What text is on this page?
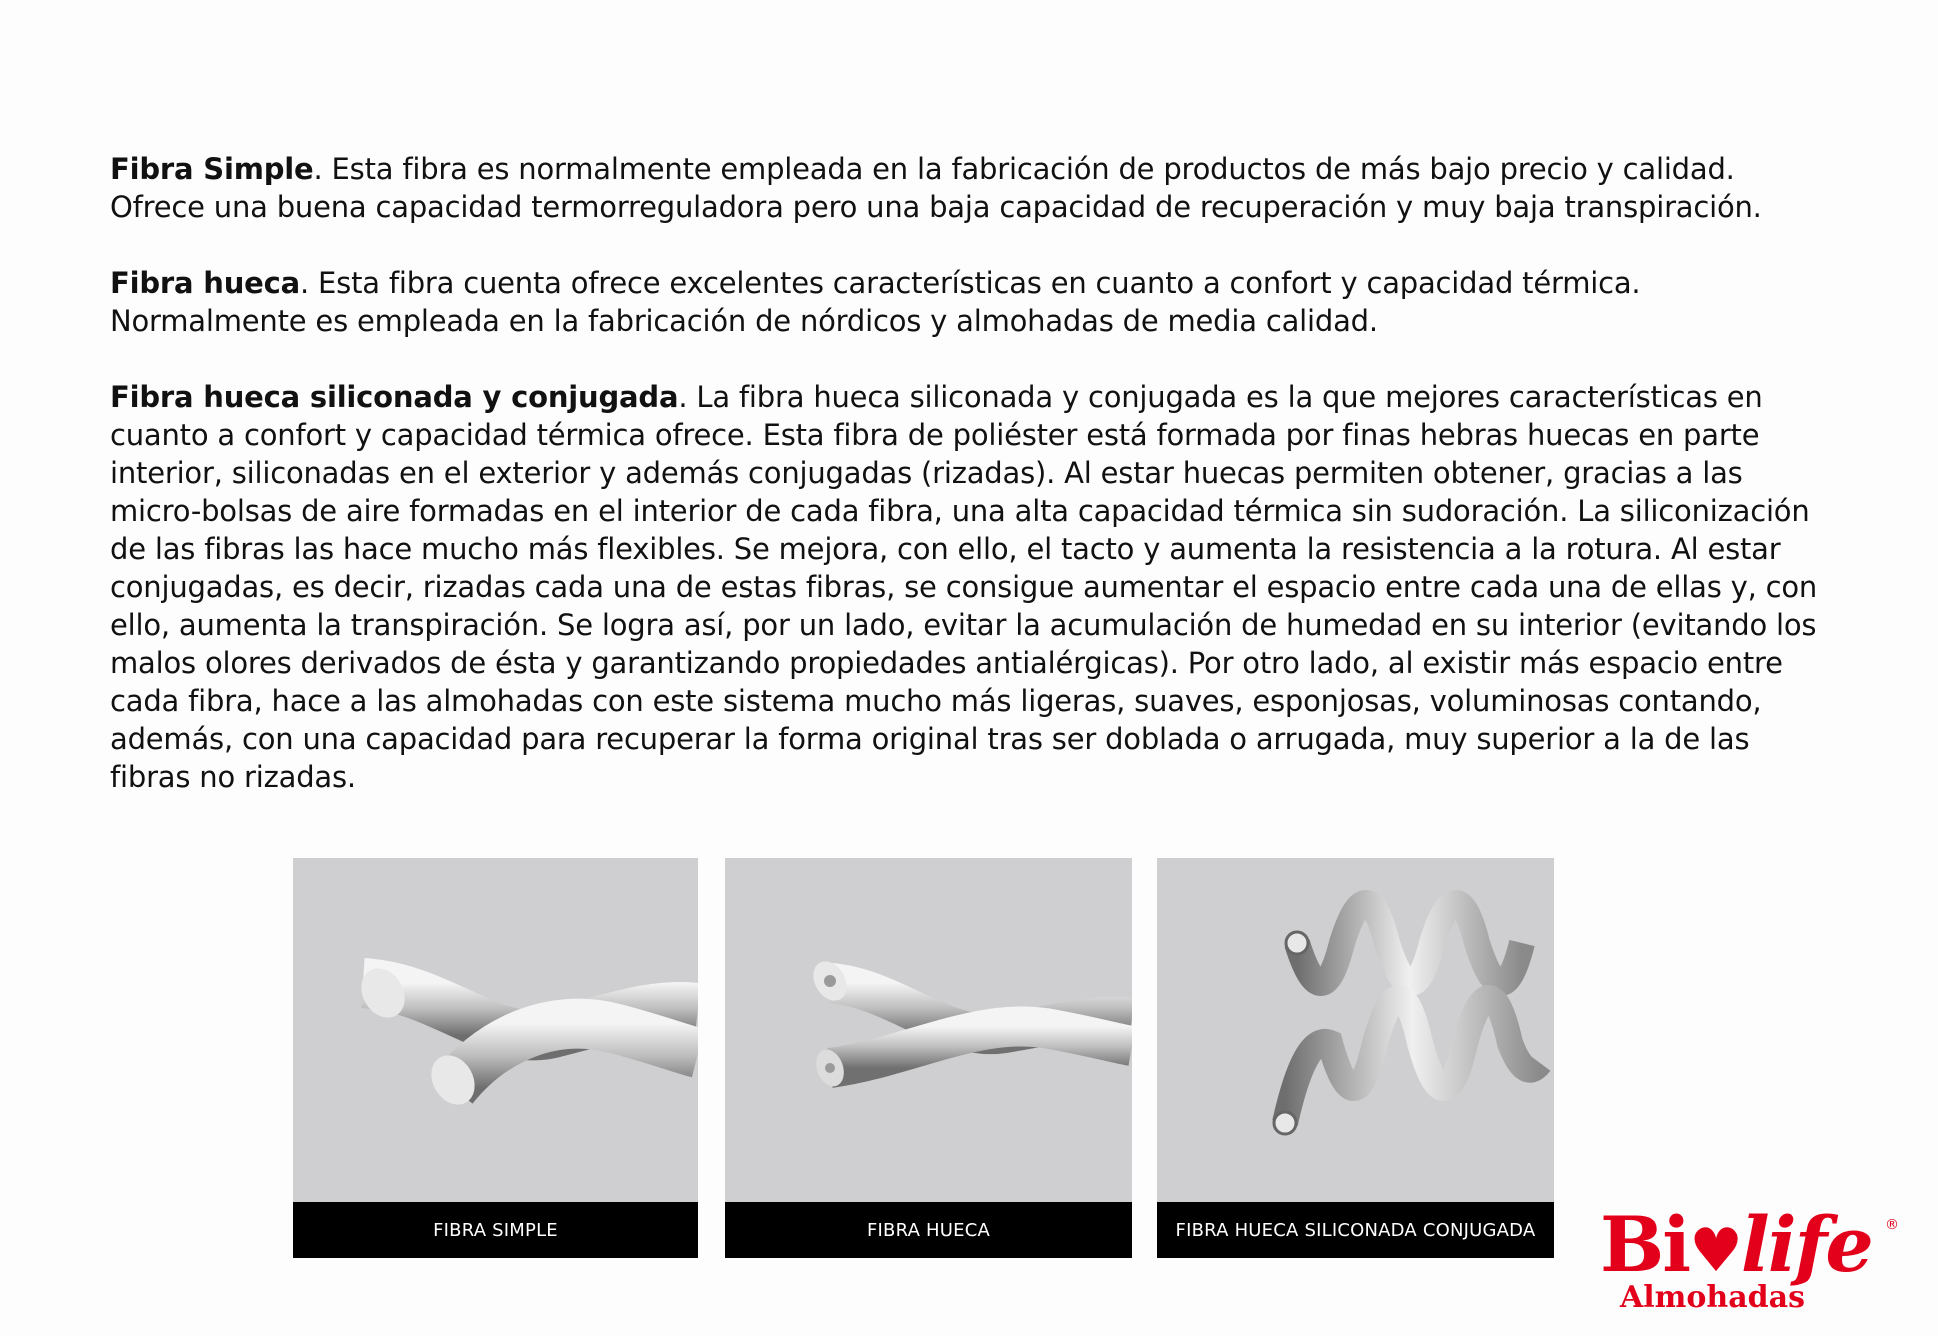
Fibra Simple. Esta fibra es normalmente empleada en la fabricación de productos de más bajo precio y calidad. Ofrece una buena capacidad termorreguladora pero una baja capacidad de recuperación y muy baja transpiración.

Fibra hueca. Esta fibra cuenta ofrece excelentes características en cuanto a confort y capacidad térmica. Normalmente es empleada en la fabricación de nórdicos y almohadas de media calidad.

Fibra hueca siliconada y conjugada. La fibra hueca siliconada y conjugada es la que mejores características en cuanto a confort y capacidad térmica ofrece. Esta fibra de poliéster está formada por finas hebras huecas en parte interior, siliconadas en el exterior y además conjugadas (rizadas). Al estar huecas permiten obtener, gracias a las micro-bolsas de aire formadas en el interior de cada fibra, una alta capacidad térmica sin sudoración. La siliconización de las fibras las hace mucho más flexibles. Se mejora, con ello, el tacto y aumenta la resistencia a la rotura. Al estar conjugadas, es decir, rizadas cada una de estas fibras, se consigue aumentar el espacio entre cada una de ellas y, con ello, aumenta la transpiración. Se logra así, por un lado, evitar la acumulación de humedad en su interior (evitando los malos olores derivados de ésta y garantizando propiedades antialérgicas). Por otro lado, al existir más espacio entre cada fibra, hace a las almohadas con este sistema mucho más ligeras, suaves, esponjosas, voluminosas contando, además, con una capacidad para recuperar la forma original tras ser doblada o arrugada, muy superior a la de las fibras no rizadas.

FIBRA SIMPLE	FIBRA HUECA	FIBRA HUECA SILICONADA CONJUGADA Bi♥life
Almohadas
®
